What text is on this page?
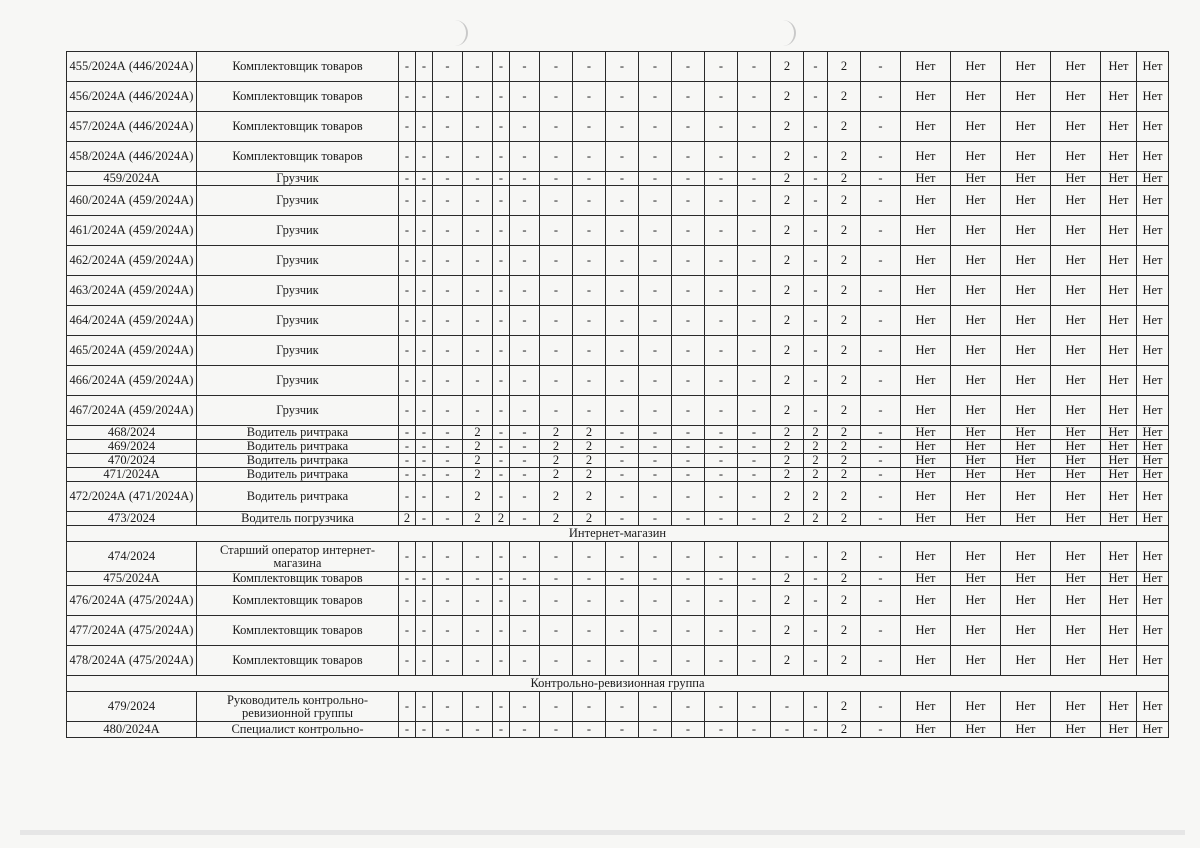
455/2024А (446/2024А)	Комплектовщик товаров	-	-	-	-	-	-	-	-	-	-	-	-	-	2	-	2	-	Нет	Нет	Нет	Нет	Нет	Нет
456/2024А (446/2024А)	Комплектовщик товаров	-	-	-	-	-	-	-	-	-	-	-	-	-	2	-	2	-	Нет	Нет	Нет	Нет	Нет	Нет
457/2024А (446/2024А)	Комплектовщик товаров	-	-	-	-	-	-	-	-	-	-	-	-	-	2	-	2	-	Нет	Нет	Нет	Нет	Нет	Нет
458/2024А (446/2024А)	Комплектовщик товаров	-	-	-	-	-	-	-	-	-	-	-	-	-	2	-	2	-	Нет	Нет	Нет	Нет	Нет	Нет
459/2024А	Грузчик	-	-	-	-	-	-	-	-	-	-	-	-	-	2	-	2	-	Нет	Нет	Нет	Нет	Нет	Нет
460/2024А (459/2024А)	Грузчик	-	-	-	-	-	-	-	-	-	-	-	-	-	2	-	2	-	Нет	Нет	Нет	Нет	Нет	Нет
461/2024А (459/2024А)	Грузчик	-	-	-	-	-	-	-	-	-	-	-	-	-	2	-	2	-	Нет	Нет	Нет	Нет	Нет	Нет
462/2024А (459/2024А)	Грузчик	-	-	-	-	-	-	-	-	-	-	-	-	-	2	-	2	-	Нет	Нет	Нет	Нет	Нет	Нет
463/2024А (459/2024А)	Грузчик	-	-	-	-	-	-	-	-	-	-	-	-	-	2	-	2	-	Нет	Нет	Нет	Нет	Нет	Нет
464/2024А (459/2024А)	Грузчик	-	-	-	-	-	-	-	-	-	-	-	-	-	2	-	2	-	Нет	Нет	Нет	Нет	Нет	Нет
465/2024А (459/2024А)	Грузчик	-	-	-	-	-	-	-	-	-	-	-	-	-	2	-	2	-	Нет	Нет	Нет	Нет	Нет	Нет
466/2024А (459/2024А)	Грузчик	-	-	-	-	-	-	-	-	-	-	-	-	-	2	-	2	-	Нет	Нет	Нет	Нет	Нет	Нет
467/2024А (459/2024А)	Грузчик	-	-	-	-	-	-	-	-	-	-	-	-	-	2	-	2	-	Нет	Нет	Нет	Нет	Нет	Нет
468/2024	Водитель ричтрака	-	-	-	2	-	-	2	2	-	-	-	-	-	2	2	2	-	Нет	Нет	Нет	Нет	Нет	Нет
469/2024	Водитель ричтрака	-	-	-	2	-	-	2	2	-	-	-	-	-	2	2	2	-	Нет	Нет	Нет	Нет	Нет	Нет
470/2024	Водитель ричтрака	-	-	-	2	-	-	2	2	-	-	-	-	-	2	2	2	-	Нет	Нет	Нет	Нет	Нет	Нет
471/2024А	Водитель ричтрака	-	-	-	2	-	-	2	2	-	-	-	-	-	2	2	2	-	Нет	Нет	Нет	Нет	Нет	Нет
472/2024А (471/2024А)	Водитель ричтрака	-	-	-	2	-	-	2	2	-	-	-	-	-	2	2	2	-	Нет	Нет	Нет	Нет	Нет	Нет
473/2024	Водитель погрузчика	2	-	-	2	2	-	2	2	-	-	-	-	-	2	2	2	-	Нет	Нет	Нет	Нет	Нет	Нет
Интернет-магазин																								
474/2024	Старший оператор интернет-магазина	-	-	-	-	-	-	-	-	-	-	-	-	-	-	-	2	-	Нет	Нет	Нет	Нет	Нет	Нет
475/2024А	Комплектовщик товаров	-	-	-	-	-	-	-	-	-	-	-	-	-	2	-	2	-	Нет	Нет	Нет	Нет	Нет	Нет
476/2024А (475/2024А)	Комплектовщик товаров	-	-	-	-	-	-	-	-	-	-	-	-	-	2	-	2	-	Нет	Нет	Нет	Нет	Нет	Нет
477/2024А (475/2024А)	Комплектовщик товаров	-	-	-	-	-	-	-	-	-	-	-	-	-	2	-	2	-	Нет	Нет	Нет	Нет	Нет	Нет
478/2024А (475/2024А)	Комплектовщик товаров	-	-	-	-	-	-	-	-	-	-	-	-	-	2	-	2	-	Нет	Нет	Нет	Нет	Нет	Нет
Контрольно-ревизионная группа																								
479/2024	Руководитель контрольно-ревизионной группы	-	-	-	-	-	-	-	-	-	-	-	-	-	-	-	2	-	Нет	Нет	Нет	Нет	Нет	Нет
480/2024А	Специалист контрольно-	-	-	-	-	-	-	-	-	-	-	-	-	-	-	-	2	-	Нет	Нет	Нет	Нет	Нет	Нет
